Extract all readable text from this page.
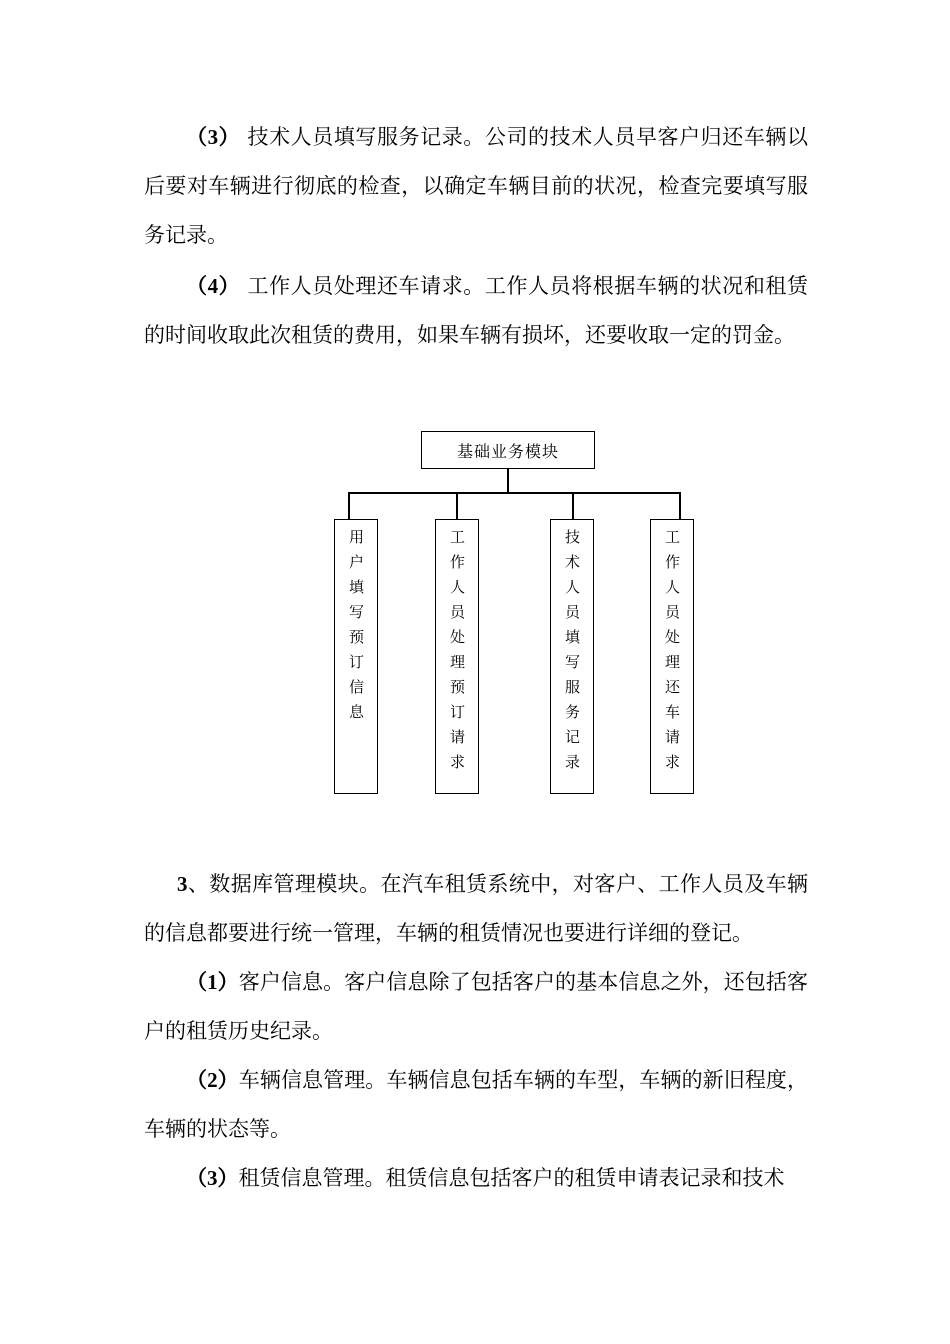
（3） 技术人员填写服务记录。公司的技术人员早客户归还车辆以后要对车辆进行彻底的检查，以确定车辆目前的状况，检查完要填写服务记录。

（4） 工作人员处理还车请求。工作人员将根据车辆的状况和租赁的时间收取此次租赁的费用，如果车辆有损坏，还要收取一定的罚金。

基础业务模块
用户填写预订信息	工作人员处理预订请求	技术人员填写服务记录	工作人员处理还车请求

3、数据库管理模块。在汽车租赁系统中，对客户、工作人员及车辆的信息都要进行统一管理，车辆的租赁情况也要进行详细的登记。

（1）客户信息。客户信息除了包括客户的基本信息之外，还包括客户的租赁历史纪录。

（2）车辆信息管理。车辆信息包括车辆的车型，车辆的新旧程度，车辆的状态等。

（3）租赁信息管理。租赁信息包括客户的租赁申请表记录和技术
